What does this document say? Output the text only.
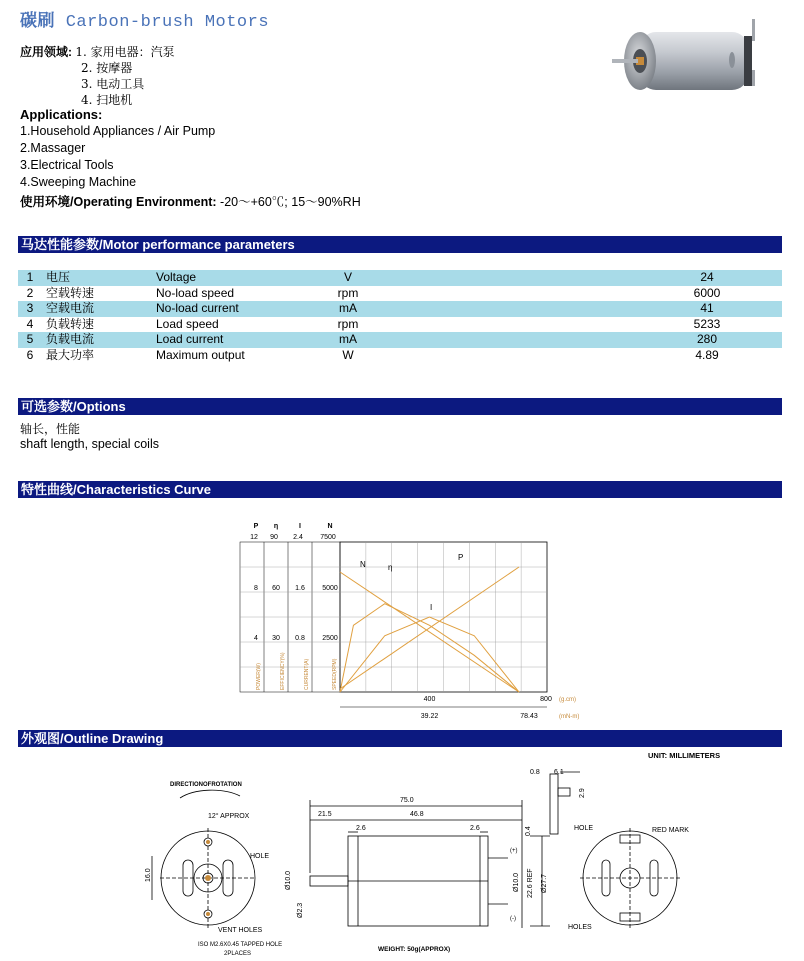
碳刷 Carbon-brush Motors
应用领域: 1. 家用电器：汽泵
2. 按摩器
3. 电动工具
4. 扫地机
Applications:
1.Household Appliances / Air Pump
2.Massager
3.Electrical Tools
4.Sweeping Machine
使用环境/Operating Environment: -20～+60℃; 15～90%RH
马达性能参数/Motor performance parameters
1	电压	Voltage	V	24
2	空载转速	No-load speed	rpm	6000
3	空载电流	No-load current	mA	41
4	负载转速	Load speed	rpm	5233
5	负载电流	Load current	mA	280
6	最大功率	Maximum output	W	4.89
可选参数/Options
轴长，性能
shaft length, special coils
特性曲线/Characteristics Curve
P η	I	N
12 90 2.4 7500
8 60 1.6 5000
4 30 0.8 2500
POWER(W)	EFFICIENCY(%)	CURRENT(A)	SPEED(RPM)
400	800 (g.cm)
39.22	78.43	(mN-m)
N	η
P
I
外观图/Outline Drawing
UNIT: MILLIMETERS
DIRECTIONOFROTATION
12° APPROX
HOLE
VENT HOLES
ISO M2.6X0.45 TAPPED HOLE
2PLACES
16.0
75.0
21.5	46.8
2.6	2.6	0.4
Ø10.0
Ø2.3
Ø10.0 22.6 REF Ø27.7
(+)
(-)
WEIGHT: 50g(APPROX)
0.8 6.1
2.9
HOLE	RED MARK
HOLES
